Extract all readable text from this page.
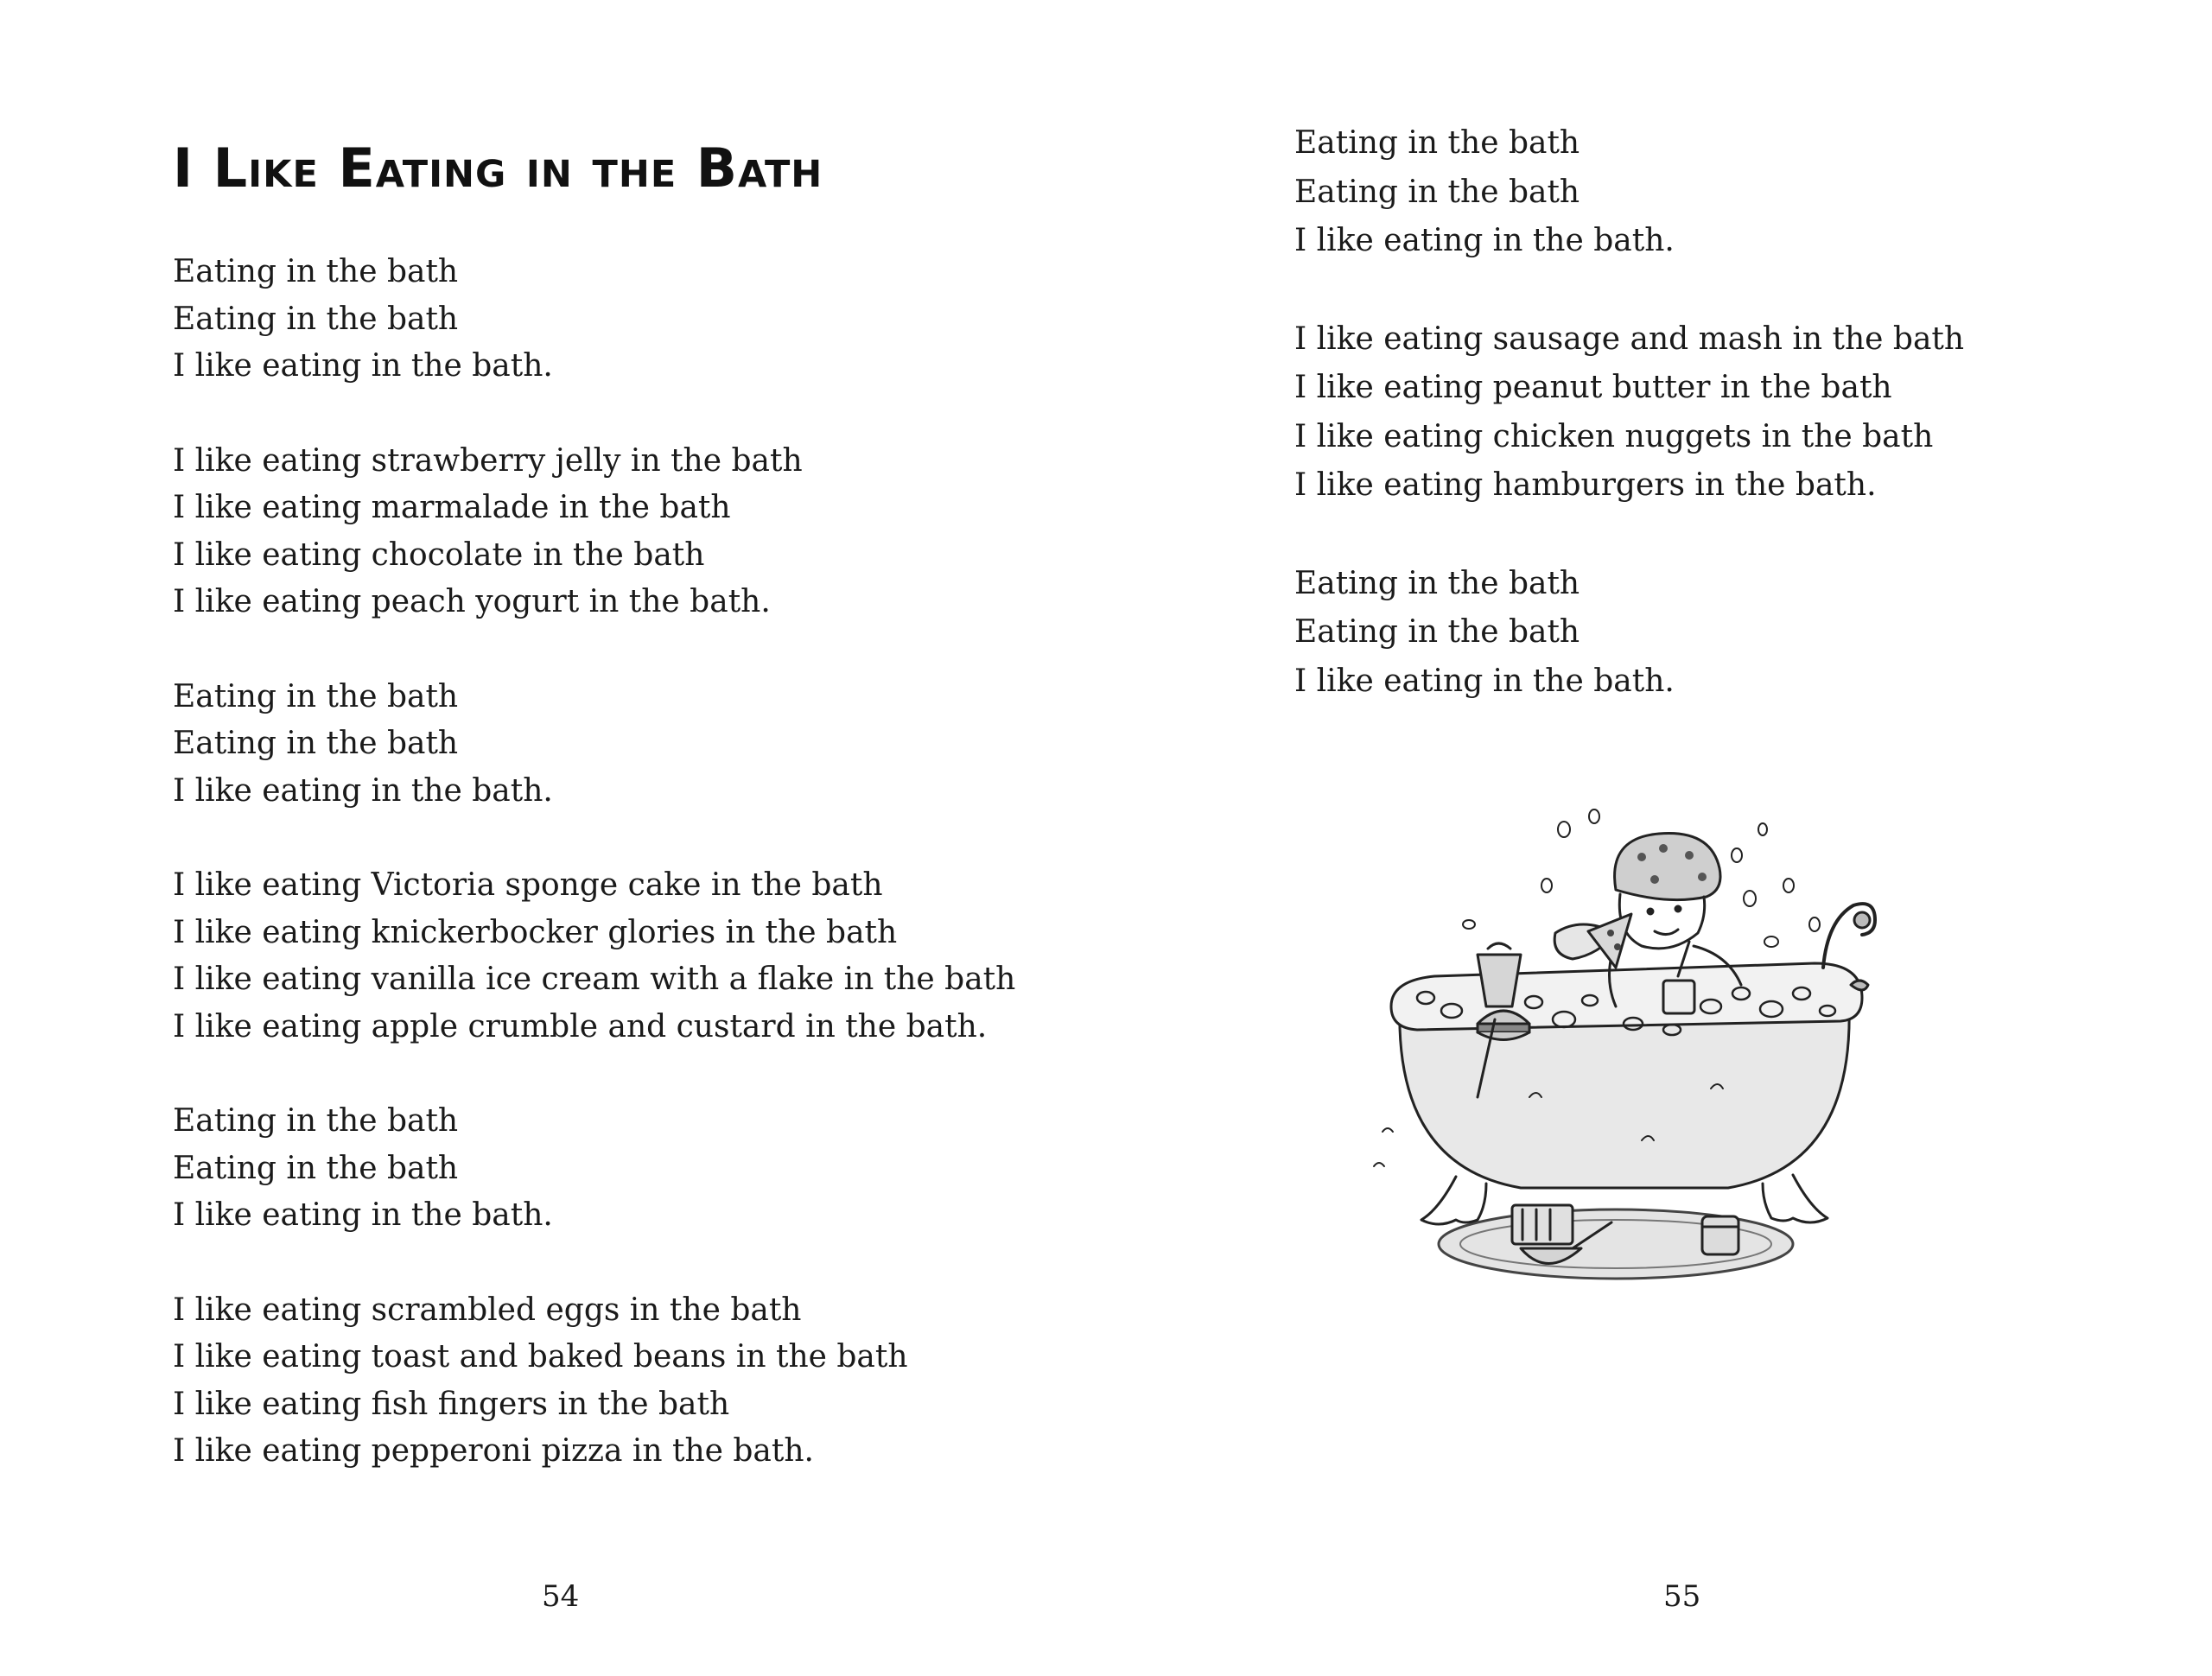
I Like Eating in the Bath
Eating in the bath
Eating in the bath
I like eating in the bath.
I like eating strawberry jelly in the bath
I like eating marmalade in the bath
I like eating chocolate in the bath
I like eating peach yogurt in the bath.
Eating in the bath
Eating in the bath
I like eating in the bath.
I like eating Victoria sponge cake in the bath
I like eating knickerbocker glories in the bath
I like eating vanilla ice cream with a flake in the bath
I like eating apple crumble and custard in the bath.
Eating in the bath
Eating in the bath
I like eating in the bath.
I like eating scrambled eggs in the bath
I like eating toast and baked beans in the bath
I like eating fish fingers in the bath
I like eating pepperoni pizza in the bath.
54
Eating in the bath
Eating in the bath
I like eating in the bath.
I like eating sausage and mash in the bath
I like eating peanut butter in the bath
I like eating chicken nuggets in the bath
I like eating hamburgers in the bath.
Eating in the bath
Eating in the bath
I like eating in the bath.
55
